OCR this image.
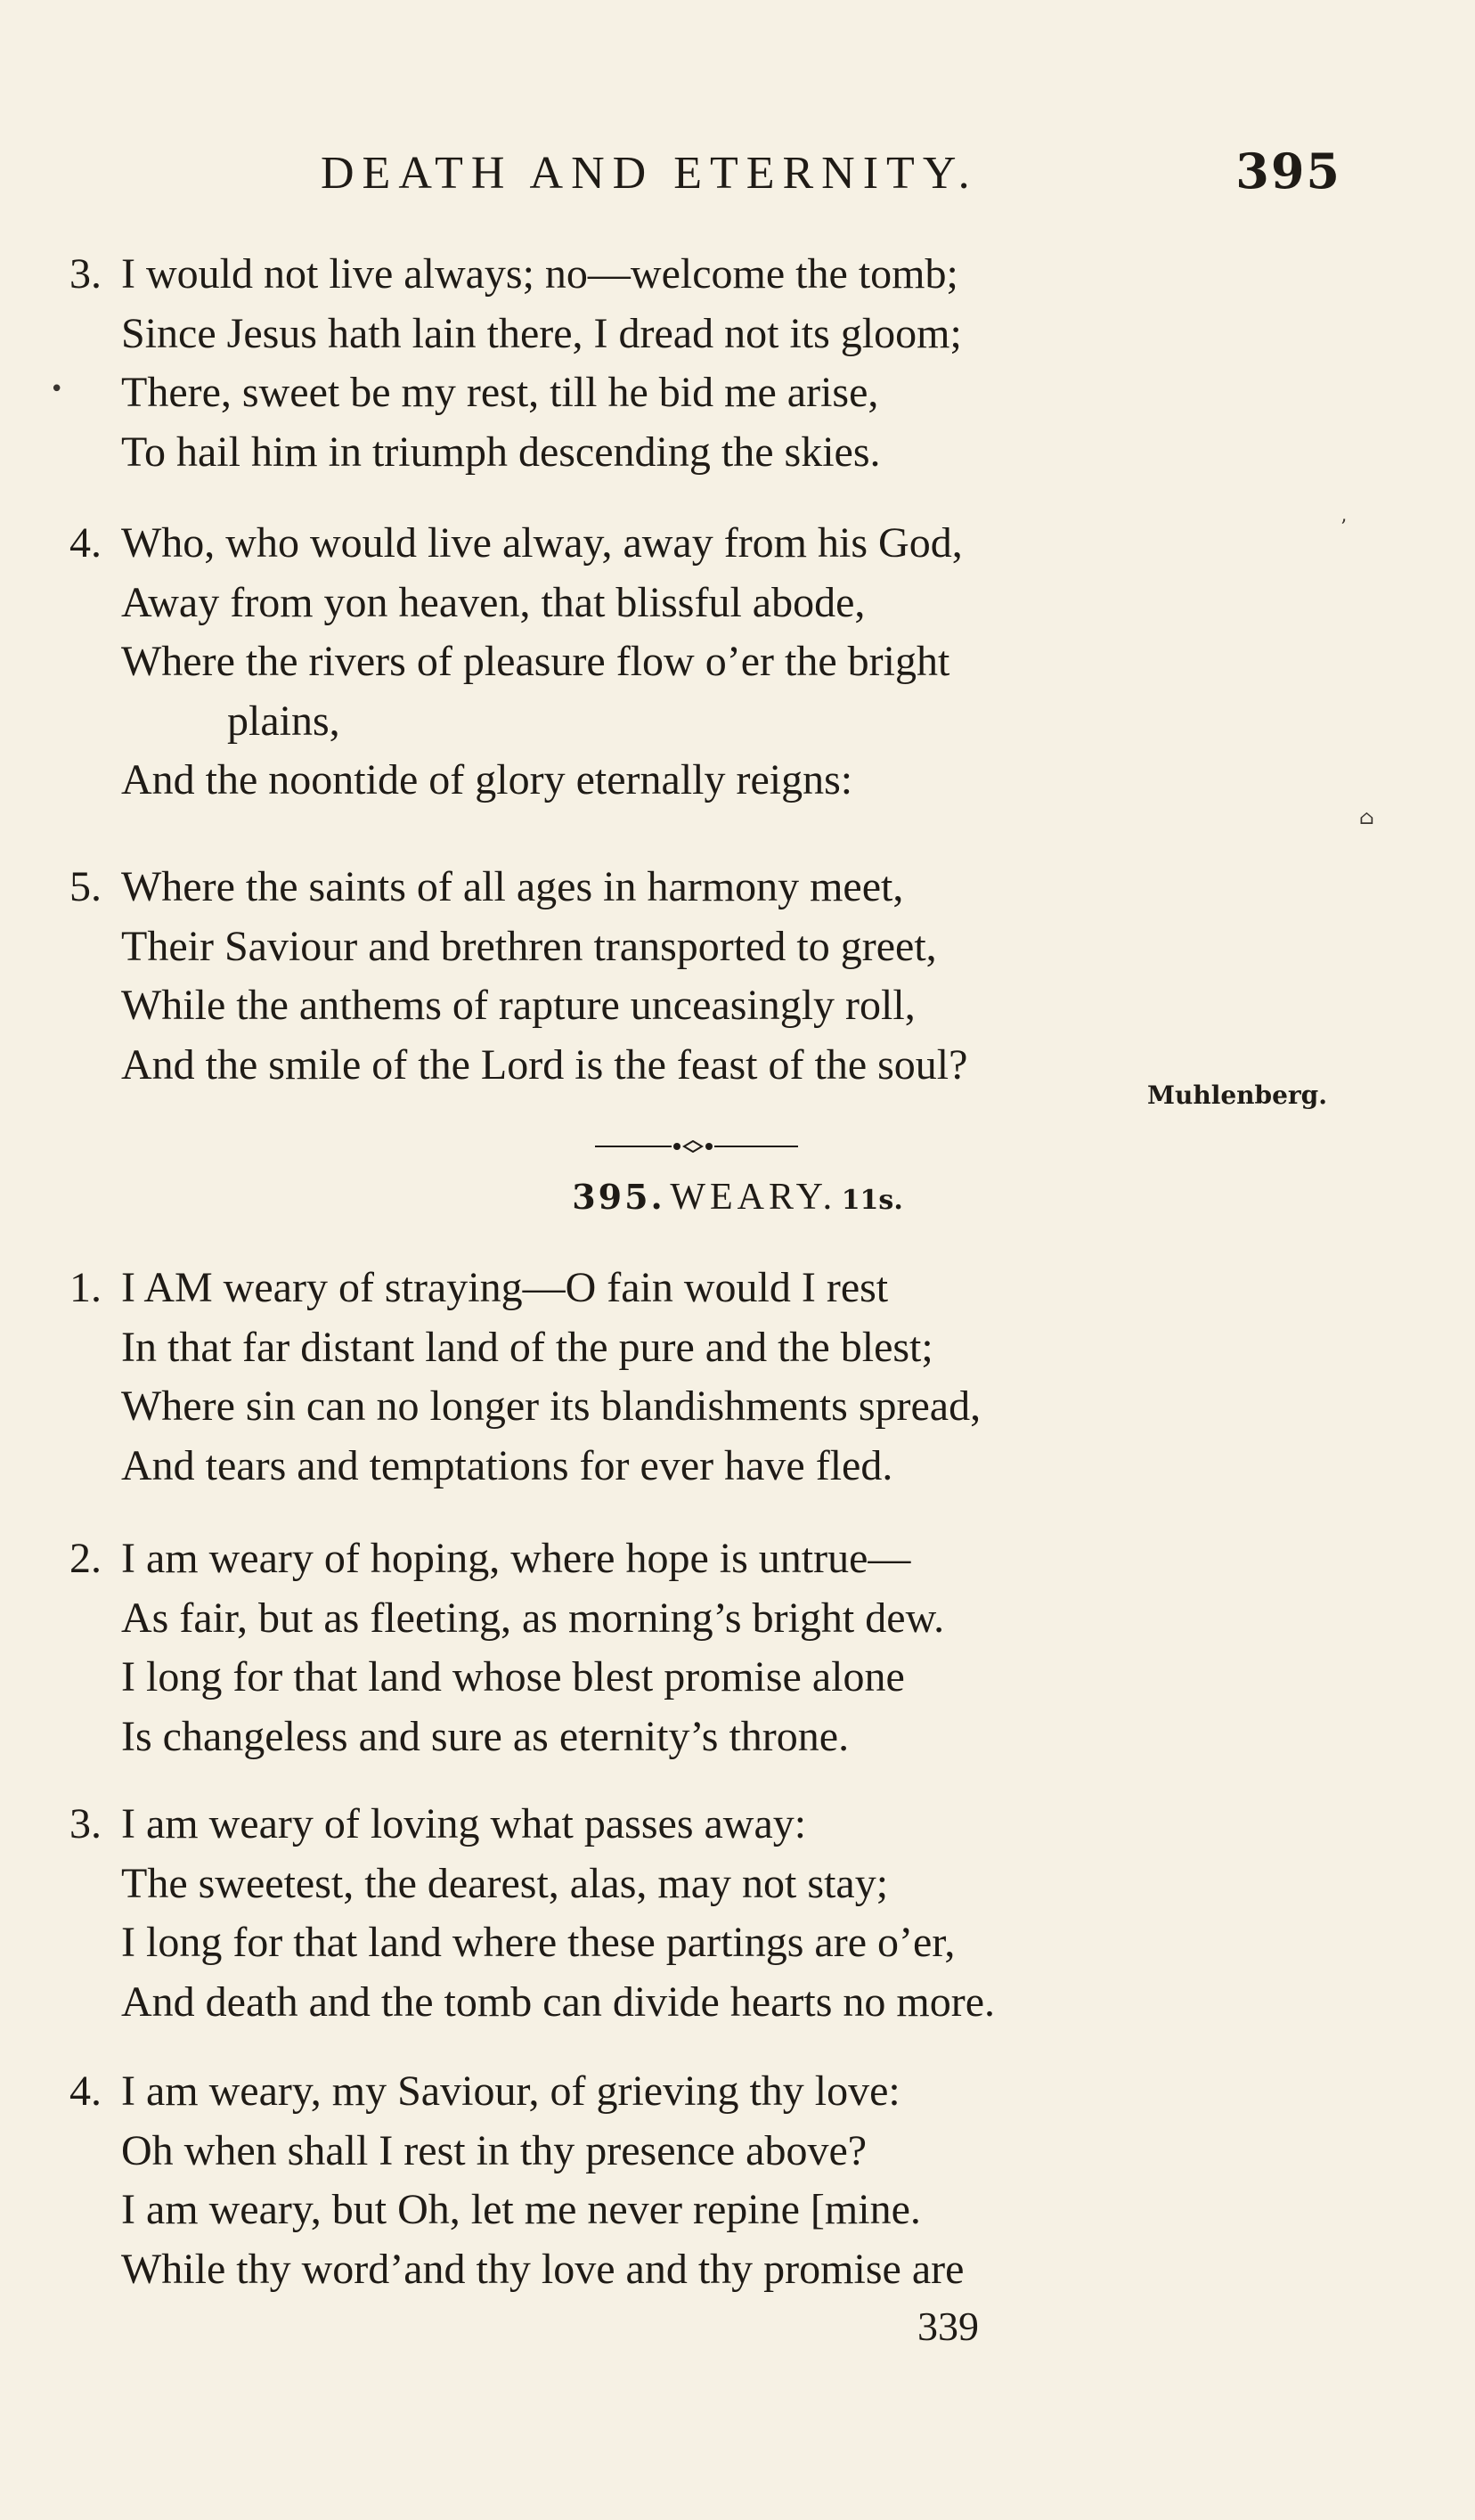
DEATH AND ETERNITY.	395
3. I would not live always; no—welcome the tomb;
Since Jesus hath lain there, I dread not its gloom;
There, sweet be my rest, till he bid me arise,
To hail him in triumph descending the skies.
4. Who, who would live alway, away from his God,
Away from yon heaven, that blissful abode,
Where the rivers of pleasure flow o’er the bright
plains,
And the noontide of glory eternally reigns:
5. Where the saints of all ages in harmony meet,
Their Saviour and brethren transported to greet,
While the anthems of rapture unceasingly roll,
And the smile of the Lord is the feast of the soul?
Muhlenberg.
395. WEARY. 11s.
1. I AM weary of straying—O fain would I rest
In that far distant land of the pure and the blest;
Where sin can no longer its blandishments spread,
And tears and temptations for ever have fled.
2. I am weary of hoping, where hope is untrue—
As fair, but as fleeting, as morning’s bright dew.
I long for that land whose blest promise alone
Is changeless and sure as eternity’s throne.
3. I am weary of loving what passes away:
The sweetest, the dearest, alas, may not stay;
I long for that land where these partings are o’er,
And death and the tomb can divide hearts no more.
4. I am weary, my Saviour, of grieving thy love:
Oh when shall I rest in thy presence above?
I am weary, but Oh, let me never repine [mine.
While thy word’and thy love and thy promise are
•
’
⌂
339
